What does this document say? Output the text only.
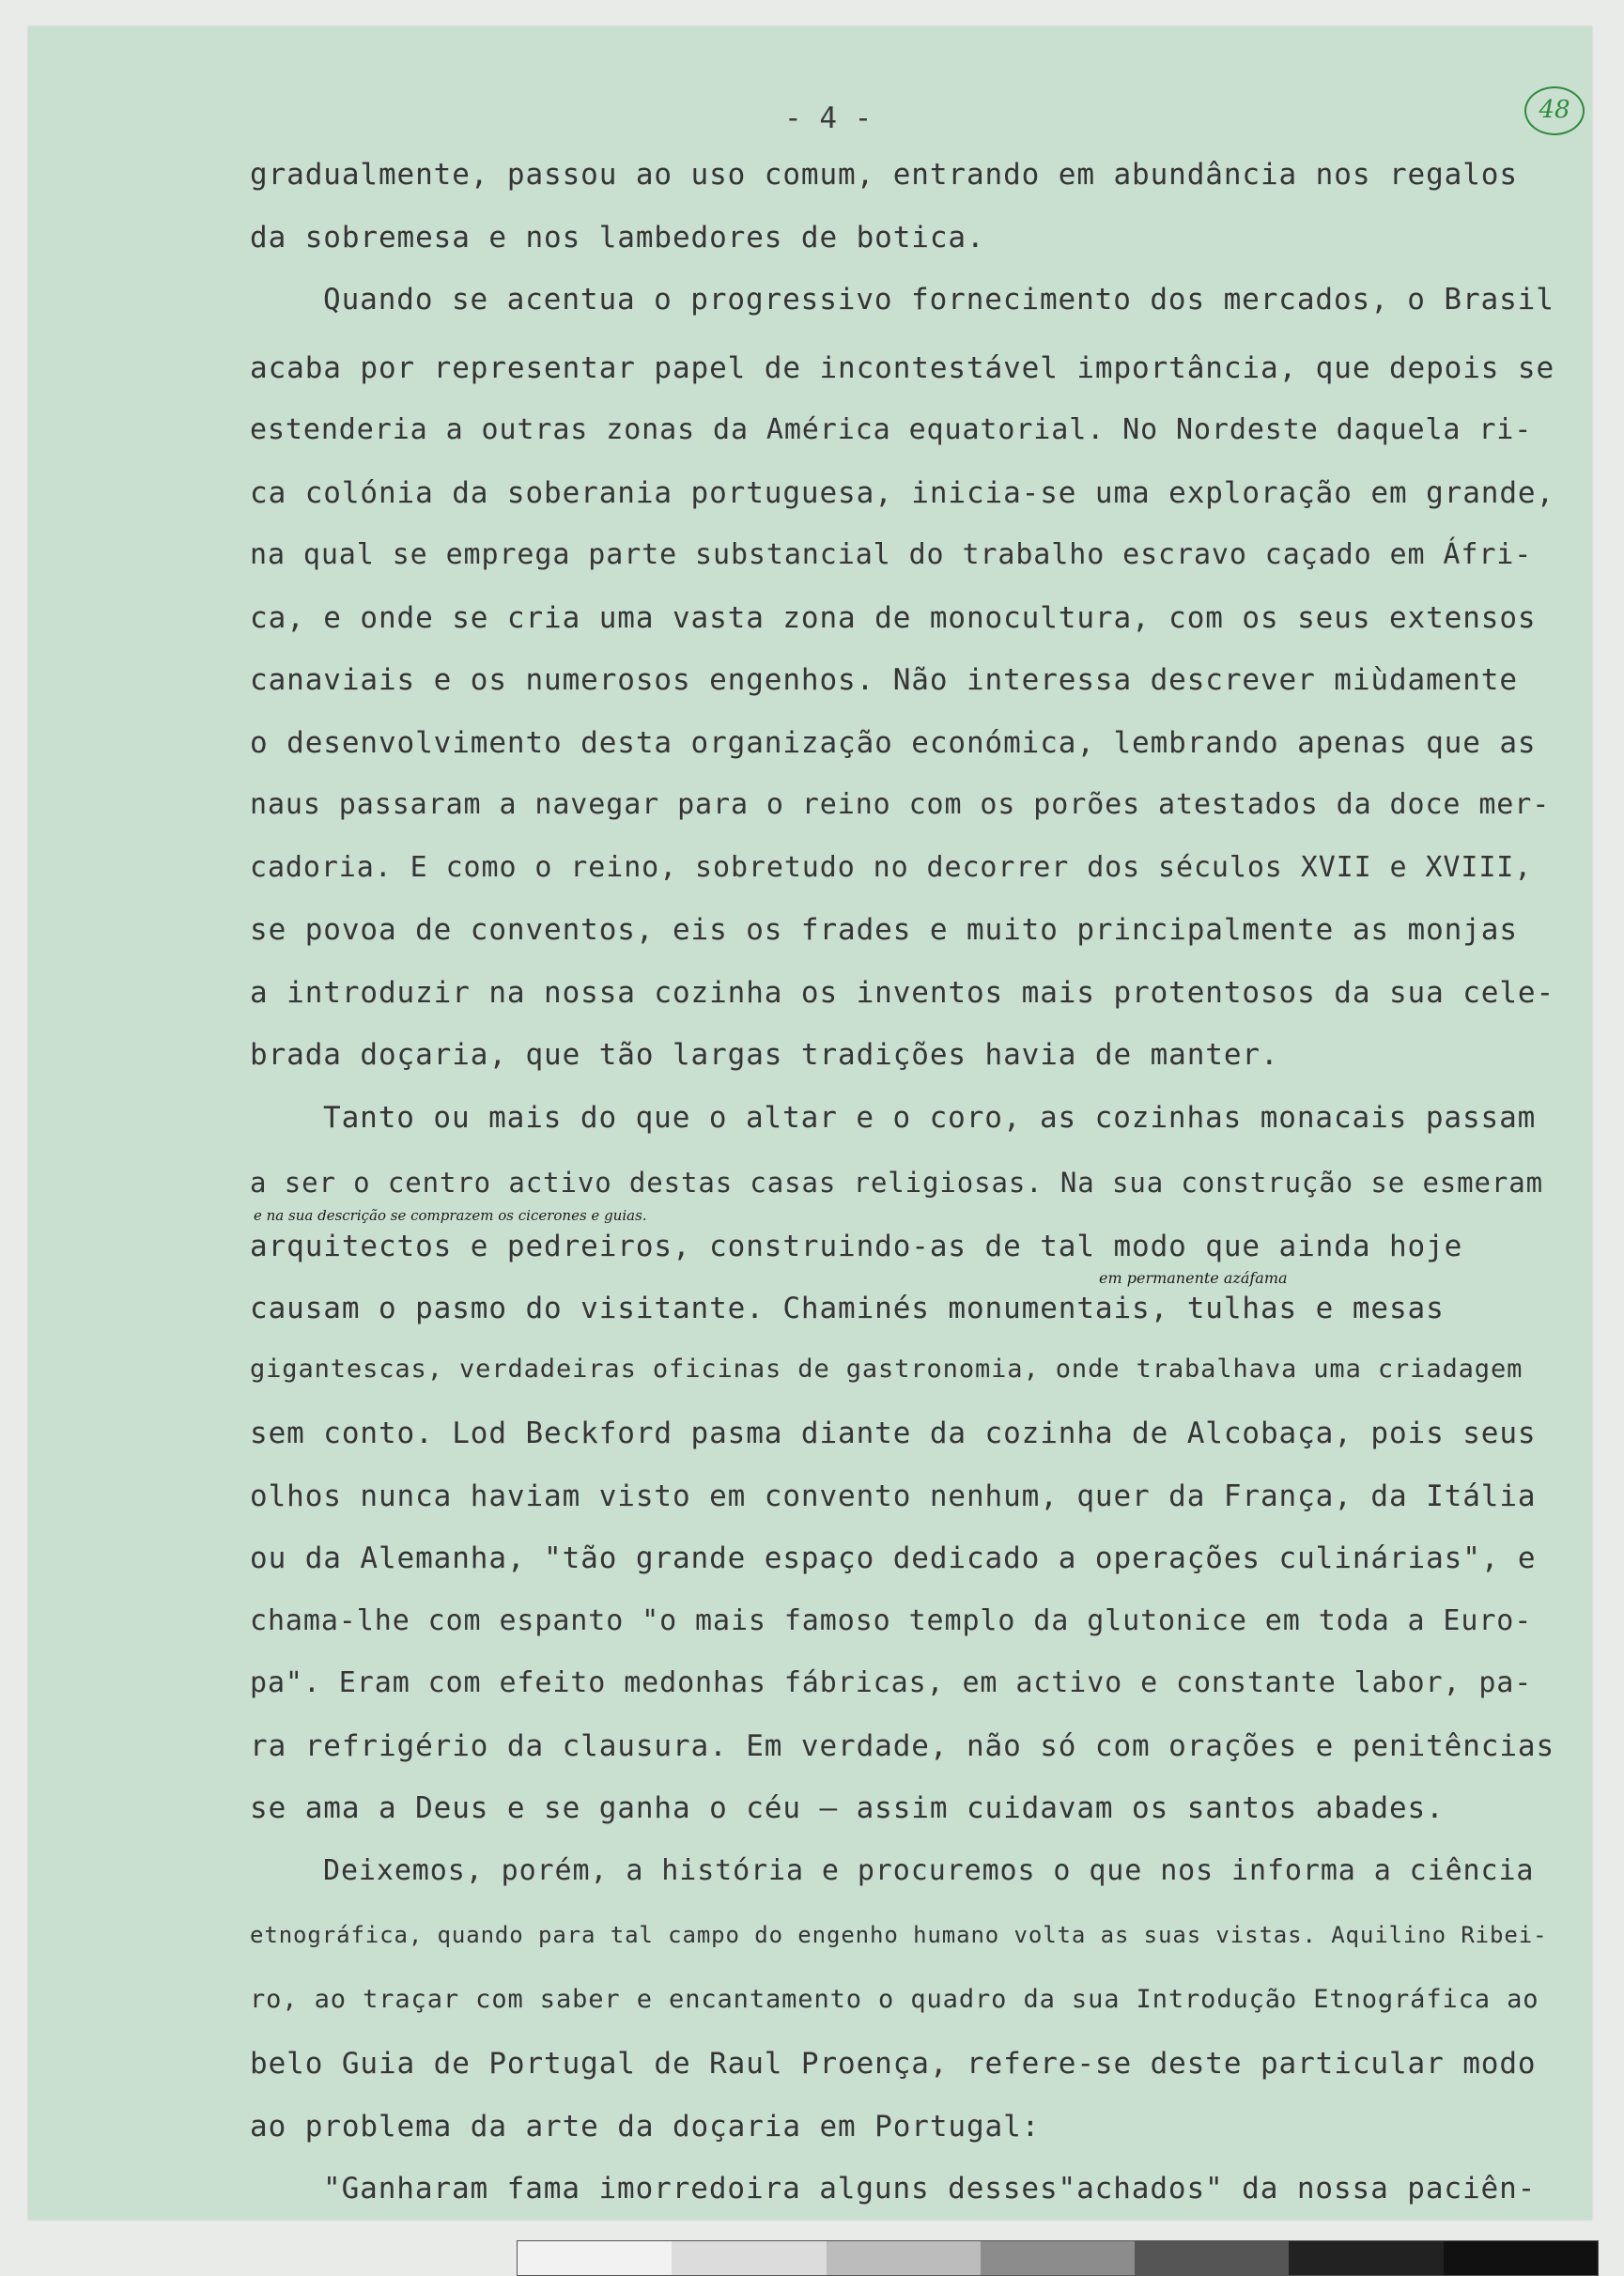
- 4 -	48
gradualmente, passou ao uso comum, entrando em abundância nos regalos
da sobremesa e nos lambedores de botica.
Quando se acentua o progressivo fornecimento dos mercados, o Brasil
acaba por representar papel de incontestável importância, que depois se
estenderia a outras zonas da América equatorial. No Nordeste daquela ri-
ca colónia da soberania portuguesa, inicia-se uma exploração em grande,
na qual se emprega parte substancial do trabalho escravo caçado em Áfri-
ca, e onde se cria uma vasta zona de monocultura, com os seus extensos
canaviais e os numerosos engenhos. Não interessa descrever miùdamente
o desenvolvimento desta organização económica, lembrando apenas que as
naus passaram a navegar para o reino com os porões atestados da doce mer-
cadoria. E como o reino, sobretudo no decorrer dos séculos XVII e XVIII,
se povoa de conventos, eis os frades e muito principalmente as monjas
a introduzir na nossa cozinha os inventos mais protentosos da sua cele-
brada doçaria, que tão largas tradições havia de manter.
Tanto ou mais do que o altar e o coro, as cozinhas monacais passam
a ser o centro activo destas casas religiosas. Na sua construção se esmeram
arquitectos e pedreiros, construindo-as de tal modo que ainda hoje
causam o pasmo do visitante. Chaminés monumentais, tulhas e mesas
gigantescas, verdadeiras oficinas de gastronomia, onde trabalhava uma criadagem
sem conto. Lod Beckford pasma diante da cozinha de Alcobaça, pois seus
olhos nunca haviam visto em convento nenhum, quer da França, da Itália
ou da Alemanha, "tão grande espaço dedicado a operações culinárias", e
chama-lhe com espanto "o mais famoso templo da glutonice em toda a Euro-
pa". Eram com efeito medonhas fábricas, em activo e constante labor, pa-
ra refrigério da clausura. Em verdade, não só com orações e penitências
se ama a Deus e se ganha o céu — assim cuidavam os santos abades.
Deixemos, porém, a história e procuremos o que nos informa a ciência
etnográfica, quando para tal campo do engenho humano volta as suas vistas. Aquilino Ribei-
ro, ao traçar com saber e encantamento o quadro da sua Introdução Etnográfica ao
belo Guia de Portugal de Raul Proença, refere-se deste particular modo
ao problema da arte da doçaria em Portugal:
"Ganharam fama imorredoira alguns desses"achados" da nossa paciên-
e na sua descrição se comprazem os cicerones e guias.
em permanente azáfama
